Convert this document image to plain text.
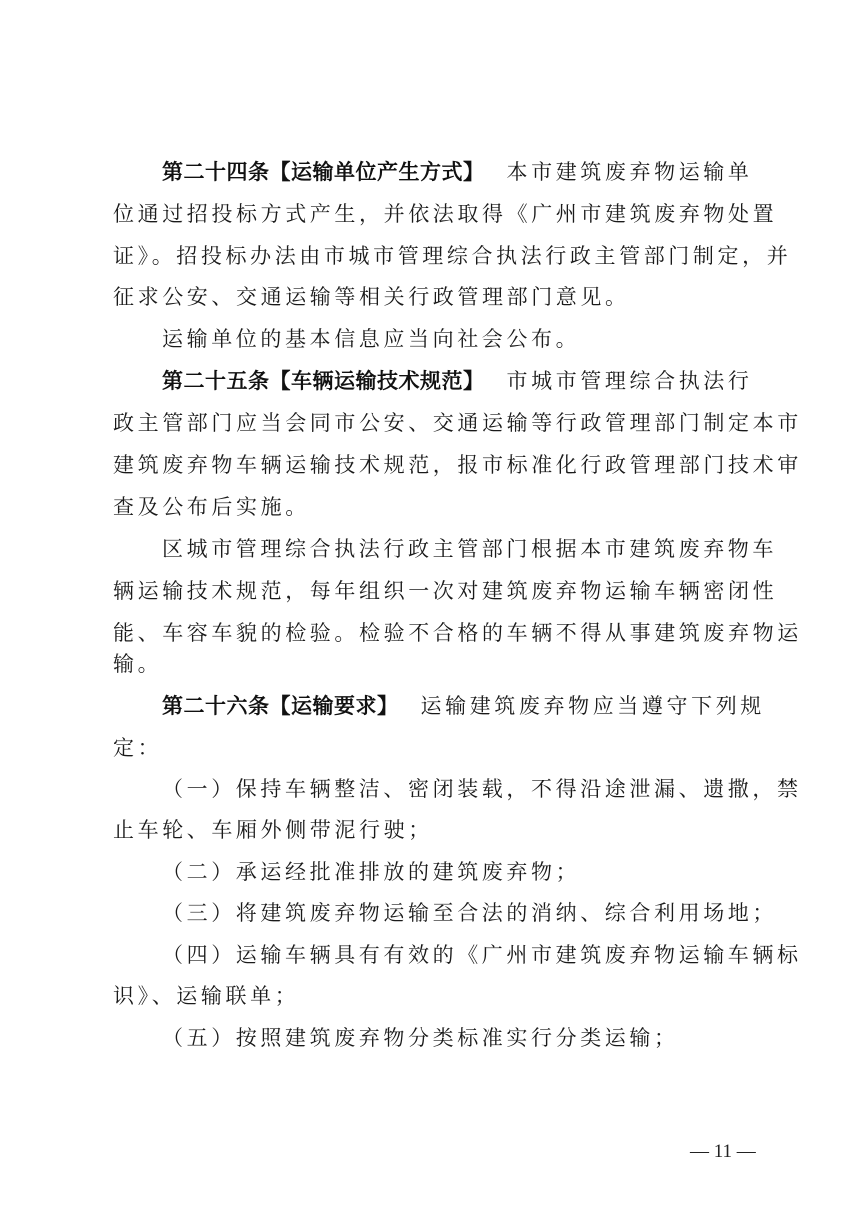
第二十四条【运输单位产生方式】 本市建筑废弃物运输单
位通过招投标方式产生，并依法取得《广州市建筑废弃物处置
证》。招投标办法由市城市管理综合执法行政主管部门制定，并
征求公安、交通运输等相关行政管理部门意见。
运输单位的基本信息应当向社会公布。
第二十五条【车辆运输技术规范】 市城市管理综合执法行
政主管部门应当会同市公安、交通运输等行政管理部门制定本市
建筑废弃物车辆运输技术规范，报市标准化行政管理部门技术审
查及公布后实施。
区城市管理综合执法行政主管部门根据本市建筑废弃物车
辆运输技术规范，每年组织一次对建筑废弃物运输车辆密闭性
能、车容车貌的检验。检验不合格的车辆不得从事建筑废弃物运
输。
第二十六条【运输要求】 运输建筑废弃物应当遵守下列规
定：
（一）保持车辆整洁、密闭装载，不得沿途泄漏、遗撒，禁
止车轮、车厢外侧带泥行驶；
（二）承运经批准排放的建筑废弃物；
（三）将建筑废弃物运输至合法的消纳、综合利用场地；
（四）运输车辆具有有效的《广州市建筑废弃物运输车辆标
识》、运输联单；
（五）按照建筑废弃物分类标准实行分类运输；
— 11 —
